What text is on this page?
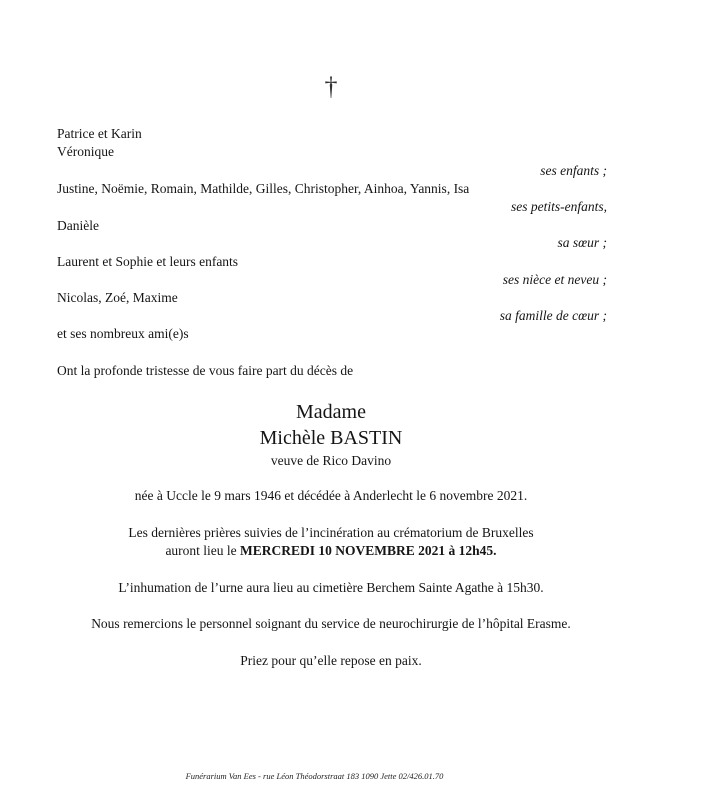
†
Patrice et Karin
Véronique
ses enfants ;
Justine, Noëmie, Romain, Mathilde, Gilles, Christopher, Ainhoa, Yannis, Isa
ses petits-enfants,
Danièle
sa sœur ;
Laurent et Sophie et leurs enfants
ses nièce et neveu ;
Nicolas, Zoé, Maxime
sa famille de cœur ;
et ses nombreux ami(e)s
Ont la profonde tristesse de vous faire part du décès de
Madame
Michèle BASTIN
veuve de Rico Davino
née à Uccle le 9 mars 1946 et décédée à Anderlecht le 6 novembre 2021.
Les dernières prières suivies de l’incinération au crématorium de Bruxelles
auront lieu le MERCREDI 10 NOVEMBRE 2021 à 12h45.
L’inhumation de l’urne aura lieu au cimetière Berchem Sainte Agathe à 15h30.
Nous remercions le personnel soignant du service de neurochirurgie de l’hôpital Erasme.
Priez pour qu’elle repose en paix.
Funérarium Van Ees - rue Léon Théodorstraat 183 1090 Jette 02/426.01.70
